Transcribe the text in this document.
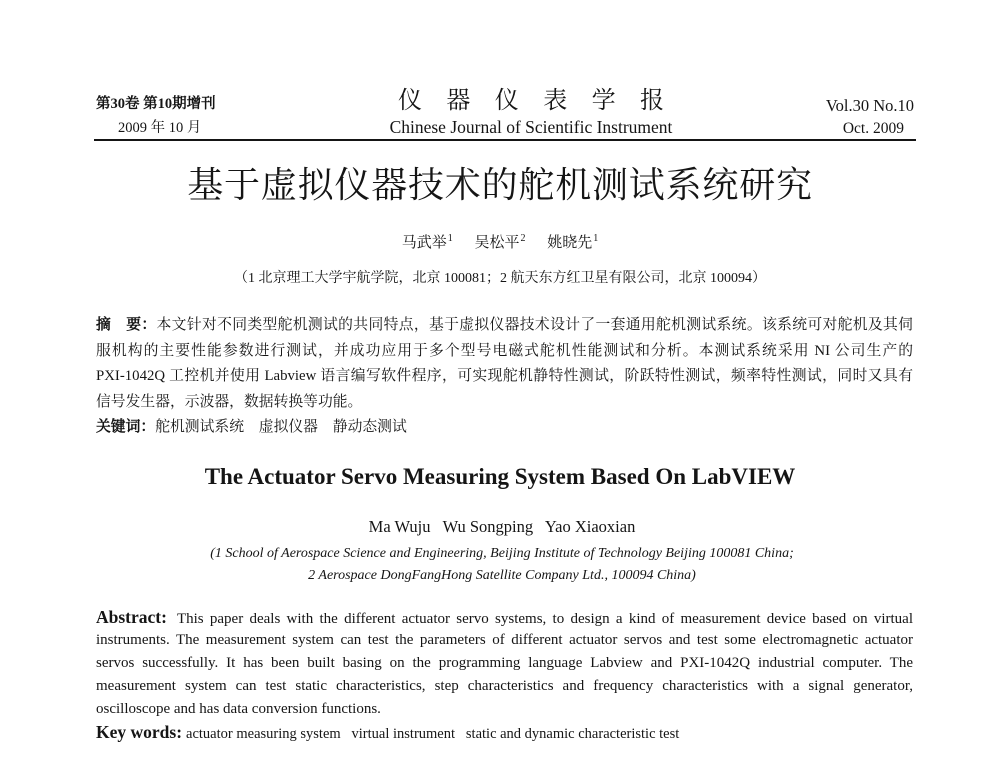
第30卷 第10期增刊
2009 年 10 月
仪器仪表学报
Chinese Journal of Scientific Instrument
Vol.30 No.10
Oct. 2009
基于虚拟仪器技术的舵机测试系统研究
马武举$^1$ 吴松平$^2$ 姚晓先$^1$
（1 北京理工大学宇航学院，北京 100081；2 航天东方红卫星有限公司，北京 100094）
摘　要：本文针对不同类型舵机测试的共同特点，基于虚拟仪器技术设计了一套通用舵机测试系统。该系统可对舵机及其伺
服机构的主要性能参数进行测试，并成功应用于多个型号电磁式舵机性能测试和分析。本测试系统采用 NI 公司生产的
PXI-1042Q 工控机并使用 Labview 语言编写软件程序，可实现舵机静特性测试，阶跃特性测试，频率特性测试，同时又具有
信号发生器，示波器，数据转换等功能。
关键词：舵机测试系统　虚拟仪器　静动态测试
The Actuator Servo Measuring System Based On LabVIEW
Ma Wuju   Wu Songping   Yao Xiaoxian
(1 School of Aerospace Science and Engineering, Beijing Institute of Technology Beijing 100081 China;
2 Aerospace DongFangHong Satellite Company Ltd., 100094 China)
Abstract: This paper deals with the different actuator servo systems, to design a kind of measurement device based on virtual
instruments. The measurement system can test the parameters of different actuator servos and test some electromagnetic actuator
servos successfully. It has been built basing on the programming language Labview and PXI-1042Q industrial computer. The
measurement system can test static characteristics, step characteristics and frequency characteristics with a signal generator,
oscilloscope and has data conversion functions.
Key words: actuator measuring system   virtual instrument   static and dynamic characteristic test
